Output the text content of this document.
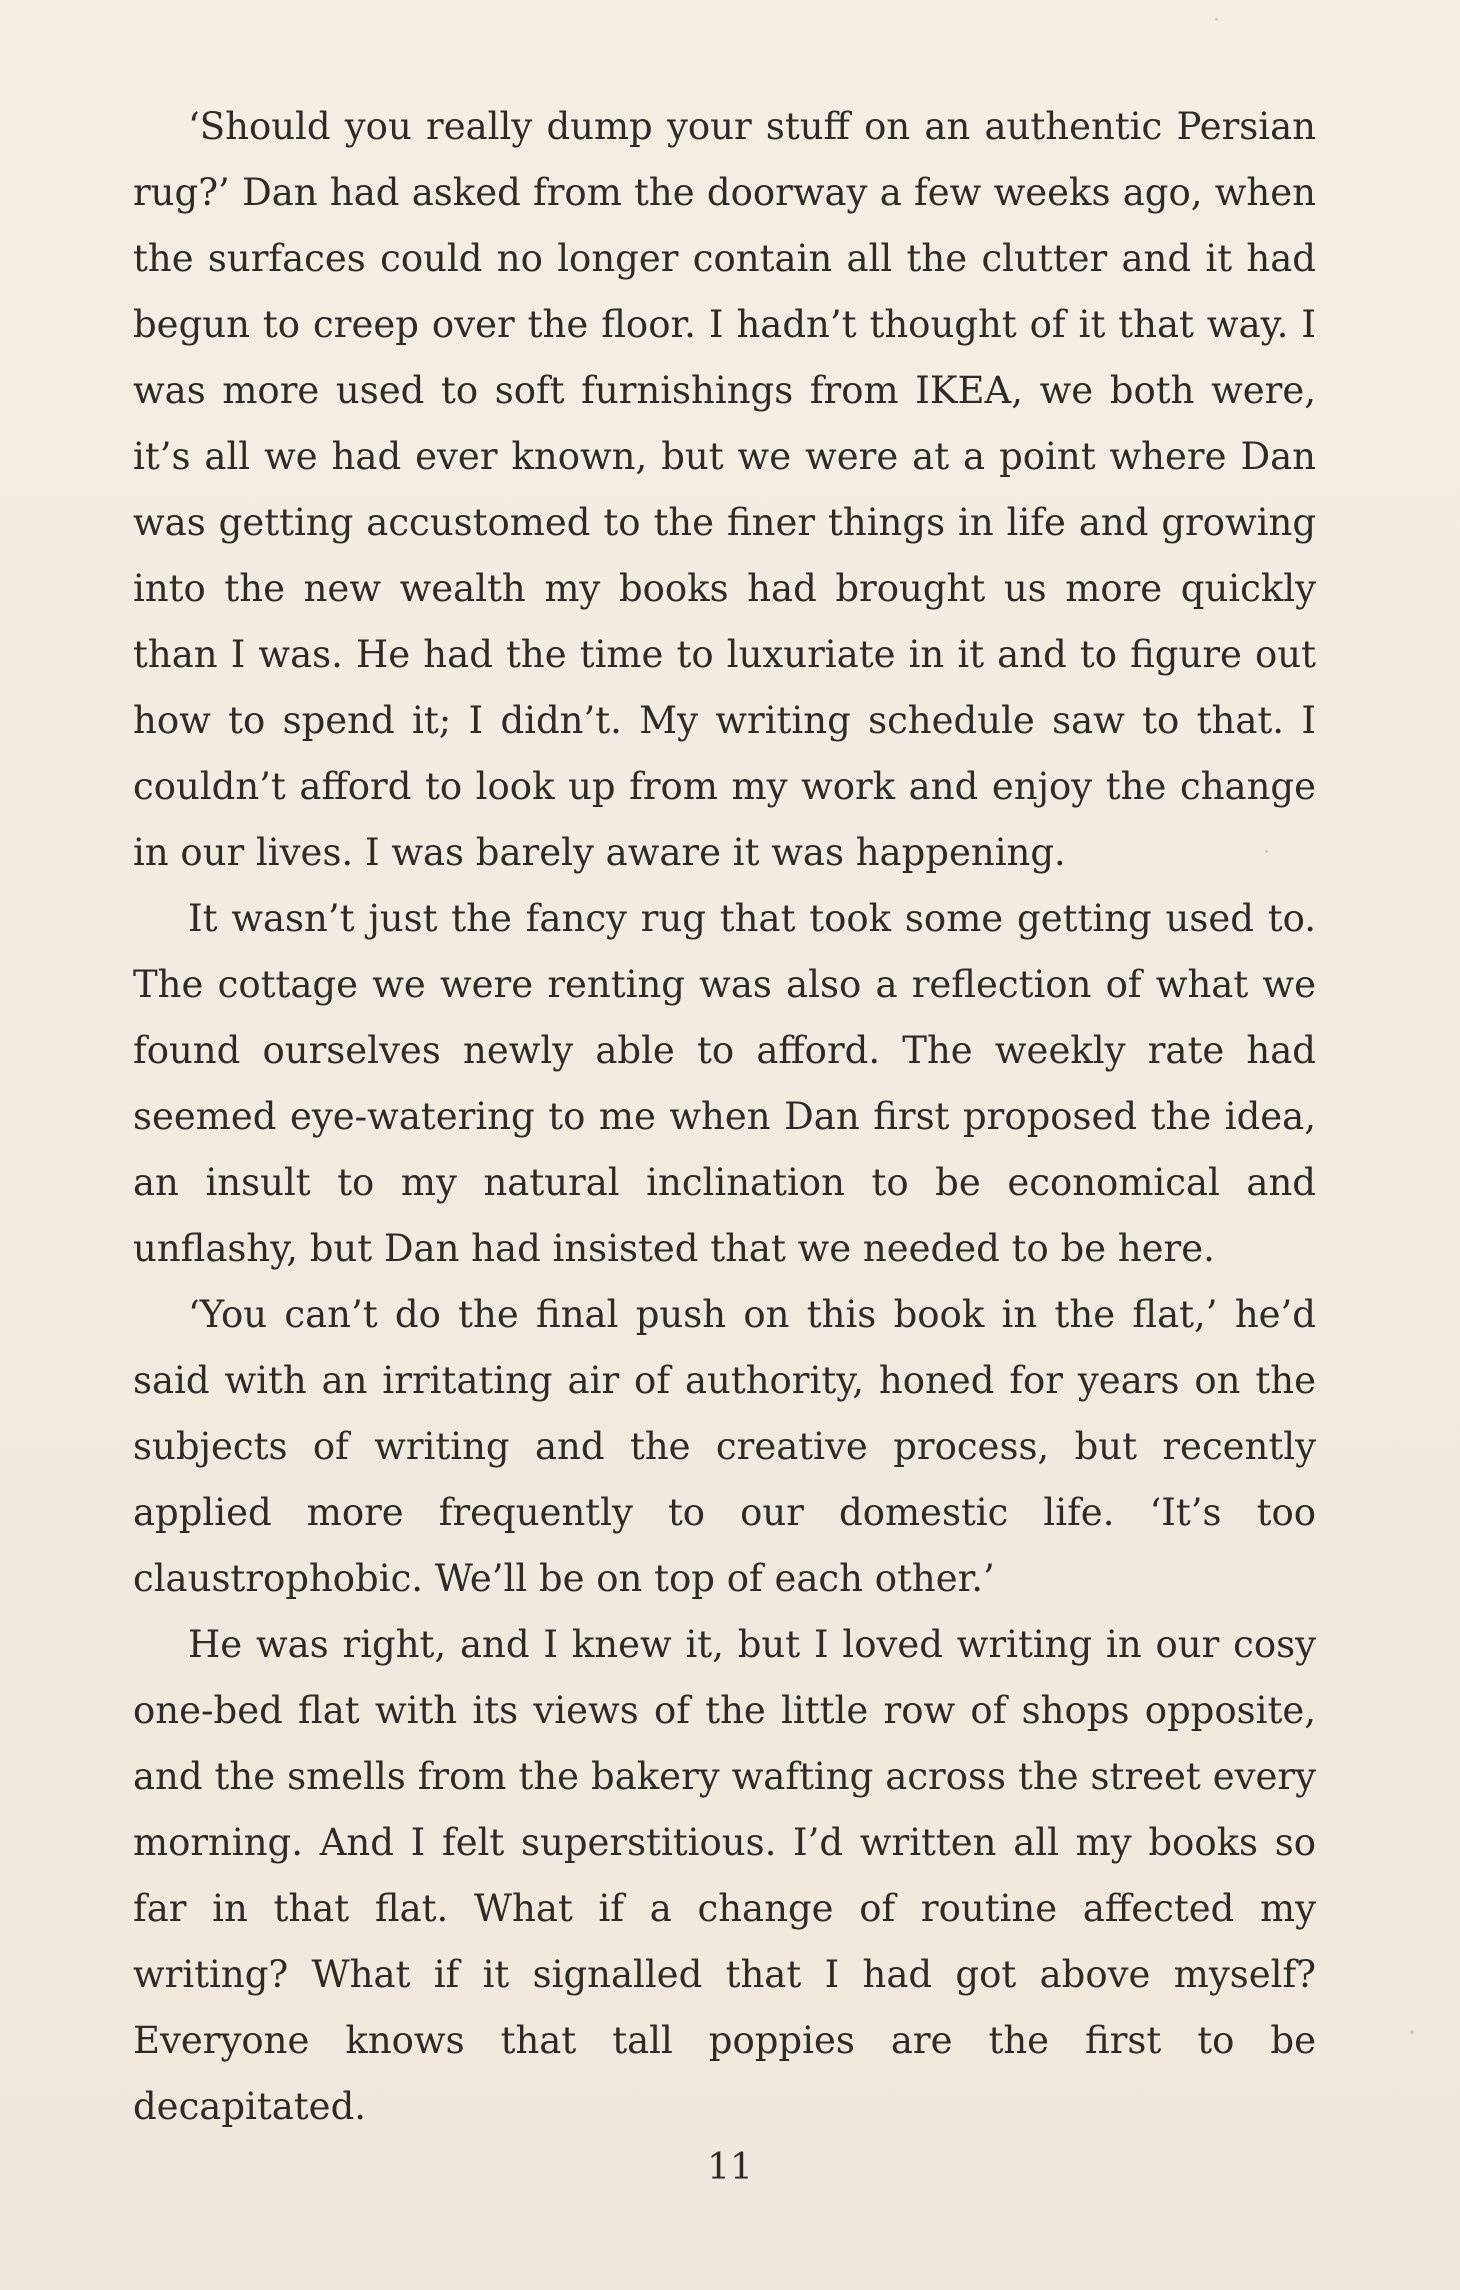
‘Should you really dump your stuff on an authentic Persian rug?’ Dan had asked from the doorway a few weeks ago, when the surfaces could no longer contain all the clutter and it had begun to creep over the floor. I hadn’t thought of it that way. I was more used to soft furnishings from IKEA, we both were, it’s all we had ever known, but we were at a point where Dan was getting accustomed to the finer things in life and growing into the new wealth my books had brought us more quickly than I was. He had the time to luxuriate in it and to figure out how to spend it; I didn’t. My writing schedule saw to that. I couldn’t afford to look up from my work and enjoy the change in our lives. I was barely aware it was happening.

It wasn’t just the fancy rug that took some getting used to. The cottage we were renting was also a reflection of what we found ourselves newly able to afford. The weekly rate had seemed eye-watering to me when Dan first proposed the idea, an insult to my natural inclination to be economical and unflashy, but Dan had insisted that we needed to be here.

‘You can’t do the final push on this book in the flat,’ he’d said with an irritating air of authority, honed for years on the subjects of writing and the creative process, but recently applied more frequently to our domestic life. ‘It’s too claustrophobic. We’ll be on top of each other.’

He was right, and I knew it, but I loved writing in our cosy one-bed flat with its views of the little row of shops opposite, and the smells from the bakery wafting across the street every morning. And I felt superstitious. I’d written all my books so far in that flat. What if a change of routine affected my writing? What if it signalled that I had got above myself? Everyone knows that tall poppies are the first to be decapitated.

11
